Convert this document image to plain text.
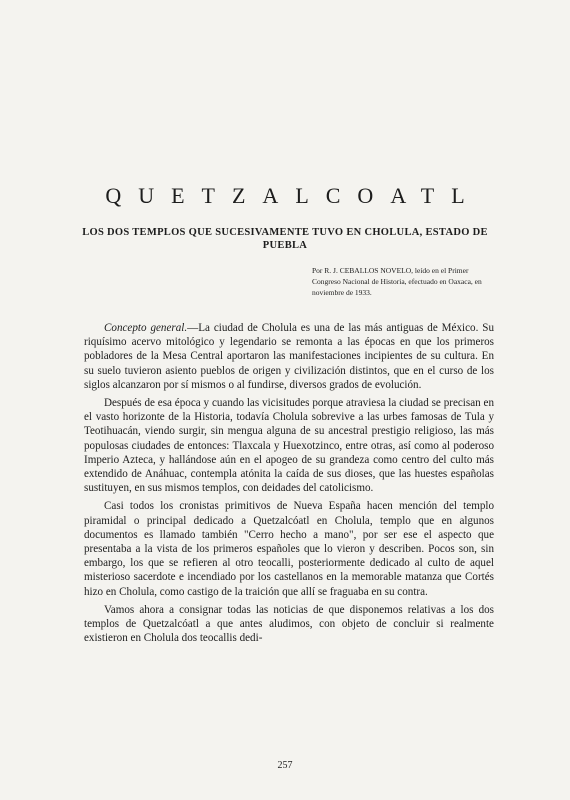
QUETZALCOATL
LOS DOS TEMPLOS QUE SUCESIVAMENTE TUVO EN CHOLULA, ESTADO DE PUEBLA

Por R. J. CEBALLOS NOVELO, leído en el Primer Congreso Nacional de Historia, efectuado en Oaxaca, en noviembre de 1933.

Concepto general.—La ciudad de Cholula es una de las más antiguas de México. Su riquísimo acervo mitológico y legendario se remonta a las épocas en que los primeros pobladores de la Mesa Central aportaron las manifestaciones incipientes de su cultura. En su suelo tuvieron asiento pueblos de origen y civilización distintos, que en el curso de los siglos alcanzaron por sí mismos o al fundirse, diversos grados de evolución.

Después de esa época y cuando las vicisitudes porque atraviesa la ciudad se precisan en el vasto horizonte de la Historia, todavía Cholula sobrevive a las urbes famosas de Tula y Teotihuacán, viendo surgir, sin mengua alguna de su ancestral prestigio religioso, las más populosas ciudades de entonces: Tlaxcala y Huexotzinco, entre otras, así como al poderoso Imperio Azteca, y hallándose aún en el apogeo de su grandeza como centro del culto más extendido de Anáhuac, contempla atónita la caída de sus dioses, que las huestes españolas sustituyen, en sus mismos templos, con deidades del catolicismo.

Casi todos los cronistas primitivos de Nueva España hacen mención del templo piramidal o principal dedicado a Quetzalcóatl en Cholula, templo que en algunos documentos es llamado también "Cerro hecho a mano", por ser ese el aspecto que presentaba a la vista de los primeros españoles que lo vieron y describen. Pocos son, sin embargo, los que se refieren al otro teocalli, posteriormente dedicado al culto de aquel misterioso sacerdote e incendiado por los castellanos en la memorable matanza que Cortés hizo en Cholula, como castigo de la traición que allí se fraguaba en su contra.

Vamos ahora a consignar todas las noticias de que disponemos relativas a los dos templos de Quetzalcóatl a que antes aludimos, con objeto de concluir si realmente existieron en Cholula dos teocallis dedi-

257
